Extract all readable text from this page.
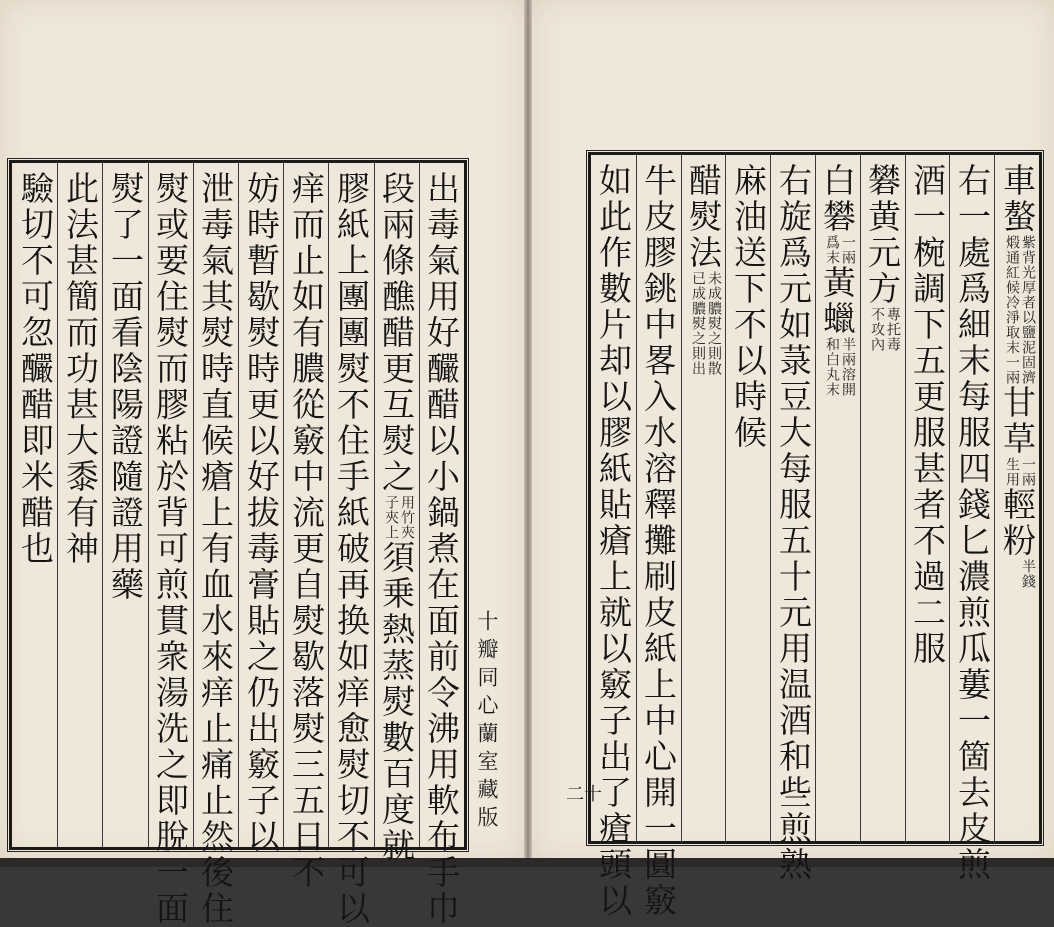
出毒氣用好釅醋以小鍋煮在面前令沸用軟布手巾
段兩條醮醋更互熨之
用竹夾
子夾上
須乗熱蒸熨數百度就
膠紙上團團熨不住手紙破再换如痒愈熨切不可以
痒而止如有膿從竅中流更自熨歇落熨三五日不
妨時暫歇熨時更以好拔毒膏貼之仍出竅子以
泄毒氣其熨時直候瘡上有血水來痒止痛止然後住
熨或要住熨而膠粘於背可煎貫衆湯洗之即脫一面
熨了一面看陰陽證隨證用藥
此法甚簡而功甚大黍有神
驗切不可忽釅醋即米醋也
十瓣同心蘭室藏版
車螯
紫背光厚者以鹽泥固濟
煅通紅候冷淨取末一兩
甘草
一兩
生用
輕粉
半錢
右一處爲細末每服四錢匕濃煎瓜蔞一箇去皮煎
酒一椀調下五更服甚者不過二服
礬黄元方
專托毒
不攻內
白礬
一兩
爲末
黃蠟
半兩溶開
和白丸末
右旋爲元如菉豆大每服五十元用温酒和些煎熟
麻油送下不以時候
醋熨法
未成膿熨之則散
已成膿熨之則出
牛皮膠銚中畧入水溶釋攤刷皮紙上中心開一圓竅
如此作數片却以膠紙貼瘡上就以竅子出了瘡頭以
二十
